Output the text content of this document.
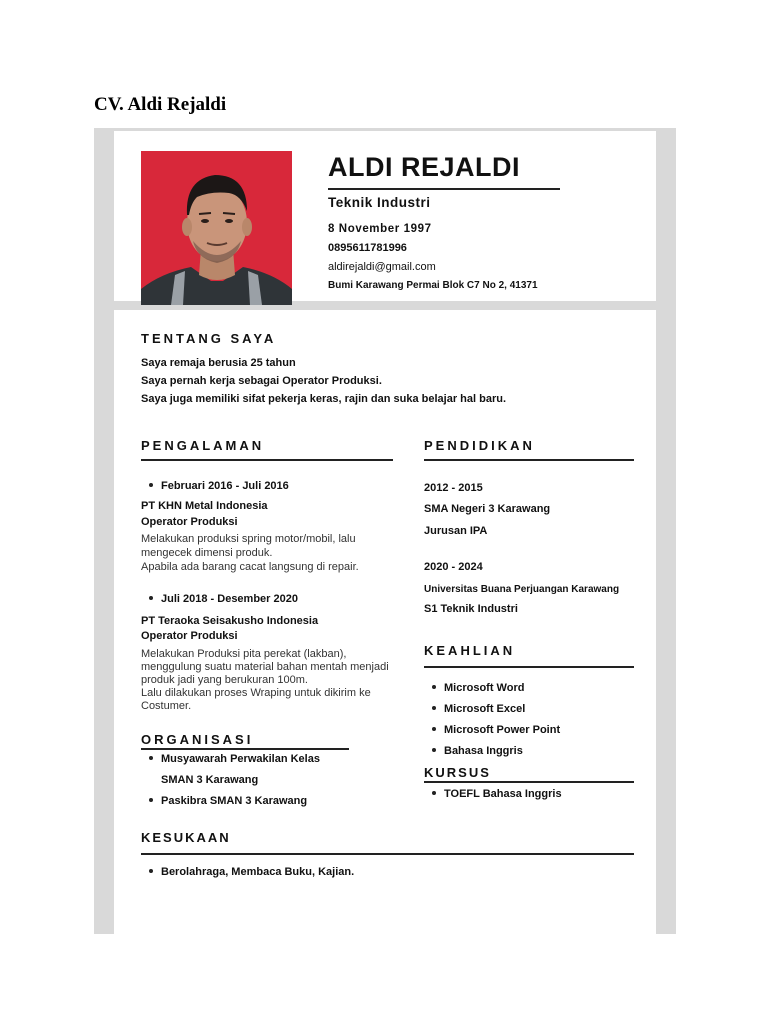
CV. Aldi Rejaldi
ALDI REJALDI
Teknik Industri
8 November 1997
0895611781996
aldirejaldi@gmail.com
Bumi Karawang Permai Blok C7 No 2, 41371
TENTANG SAYA
Saya remaja berusia 25 tahun
Saya pernah kerja sebagai Operator Produksi.
Saya juga memiliki sifat pekerja keras, rajin dan suka belajar hal baru.
PENGALAMAN
Februari 2016 - Juli 2016
PT KHN Metal Indonesia
Operator Produksi
Melakukan produksi spring motor/mobil, lalu
mengecek dimensi produk.
Apabila ada barang cacat langsung di repair.
Juli 2018 - Desember 2020
PT Teraoka Seisakusho Indonesia
Operator Produksi
Melakukan Produksi pita perekat (lakban),
menggulung suatu material bahan mentah menjadi
produk jadi yang berukuran 100m.
Lalu dilakukan proses Wraping untuk dikirim ke
Costumer.
ORGANISASI
Musyawarah Perwakilan Kelas
SMAN 3 Karawang
Paskibra SMAN 3 Karawang
KESUKAAN
Berolahraga, Membaca Buku, Kajian.
PENDIDIKAN
2012 - 2015
SMA Negeri 3 Karawang
Jurusan IPA
2020 - 2024
Universitas Buana Perjuangan Karawang
S1 Teknik Industri
KEAHLIAN
Microsoft Word
Microsoft Excel
Microsoft Power Point
Bahasa Inggris
KURSUS
TOEFL Bahasa Inggris
